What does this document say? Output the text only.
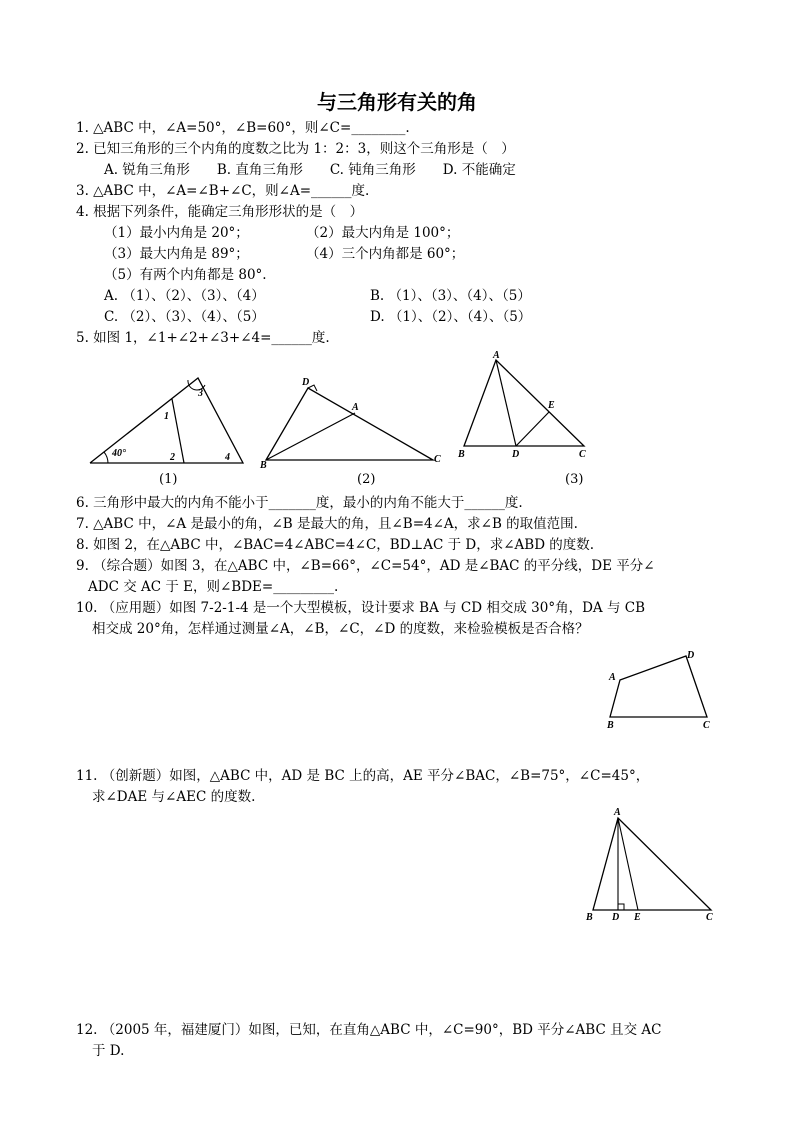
与三角形有关的角
1. △ABC 中，∠A=50°，∠B=60°，则∠C=________.
2. 已知三角形的三个内角的度数之比为 1：2：3，则这个三角形是（　）
A. 锐角三角形　　B. 直角三角形　　C. 钝角三角形　　D. 不能确定
3. △ABC 中，∠A=∠B+∠C，则∠A=______度.
4. 根据下列条件，能确定三角形形状的是（　）
（1）最小内角是 20°；	（2）最大内角是 100°；
（3）最大内角是 89°；	（4）三个内角都是 60°；
（5）有两个内角都是 80°.
A. （1）、（2）、（3）、（4）	B. （1）、（3）、（4）、（5）
C. （2）、（3）、（4）、（5）	D. （1）、（2）、（4）、（5）
5. 如图 1，∠1+∠2+∠3+∠4=______度.
40°
1
2
3
4
(1)
D
A
B
C
(2)
A
B	D	C
E
(3)
6. 三角形中最大的内角不能小于_______度，最小的内角不能大于______度.
7. △ABC 中，∠A 是最小的角，∠B 是最大的角，且∠B=4∠A，求∠B 的取值范围.
8. 如图 2，在△ABC 中，∠BAC=4∠ABC=4∠C，BD⊥AC 于 D，求∠ABD 的度数.
9. （综合题）如图 3，在△ABC 中，∠B=66°，∠C=54°，AD 是∠BAC 的平分线，DE 平分∠
ADC 交 AC 于 E，则∠BDE=_________.
10. （应用题）如图 7-2-1-4 是一个大型模板，设计要求 BA 与 CD 相交成 30°角，DA 与 CB
相交成 20°角，怎样通过测量∠A，∠B，∠C，∠D 的度数，来检验模板是否合格？
A
D
B	C
11. （创新题）如图，△ABC 中，AD 是 BC 上的高，AE 平分∠BAC，∠B=75°，∠C=45°，
求∠DAE 与∠AEC 的度数.
A
B D E	C
12. （2005 年，福建厦门）如图，已知，在直角△ABC 中，∠C=90°，BD 平分∠ABC 且交 AC
于 D.
